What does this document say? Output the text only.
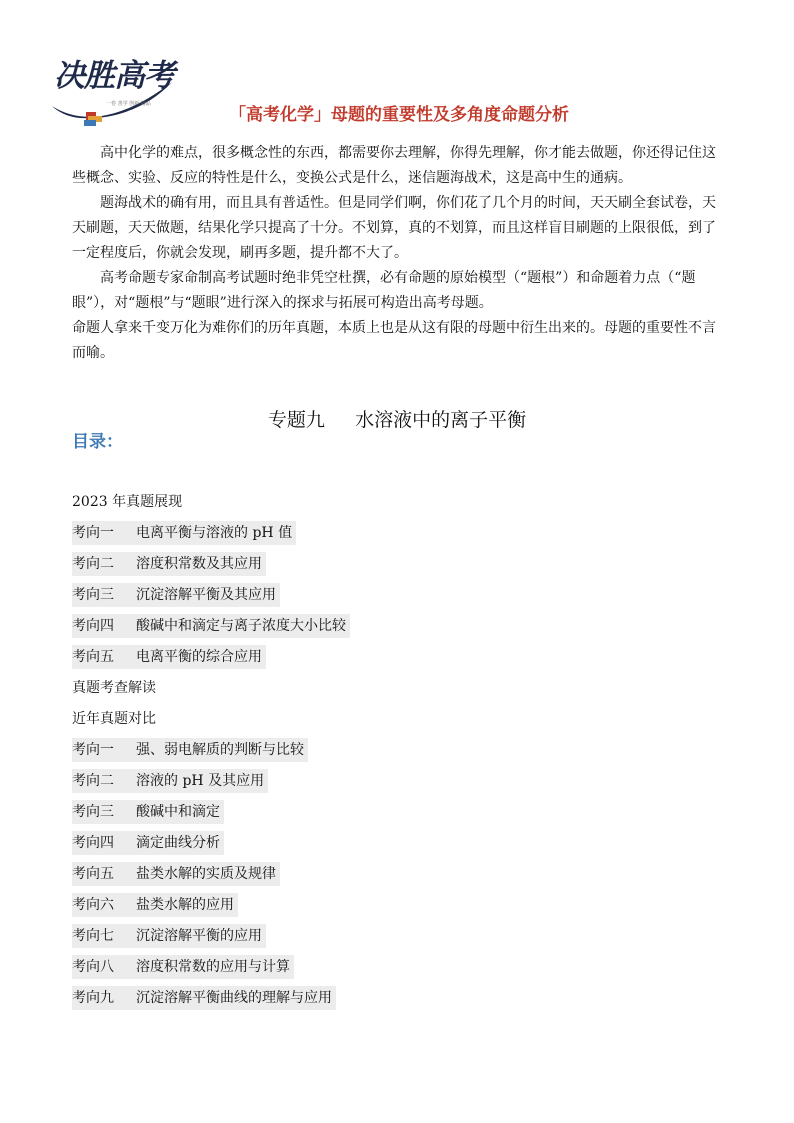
决胜高考
一卷 善学 创新 精品
「高考化学」母题的重要性及多角度命题分析

高中化学的难点，很多概念性的东西，都需要你去理解，你得先理解，你才能去做题，你还得记住这些概念、实验、反应的特性是什么，变换公式是什么，迷信题海战术，这是高中生的通病。

题海战术的确有用，而且具有普适性。但是同学们啊，你们花了几个月的时间，天天刷全套试卷，天天刷题，天天做题，结果化学只提高了十分。不划算，真的不划算，而且这样盲目刷题的上限很低，到了一定程度后，你就会发现，刷再多题，提升都不大了。

高考命题专家命制高考试题时绝非凭空杜撰，必有命题的原始模型（“题根”）和命题着力点（“题眼”），对“题根”与“题眼”进行深入的探求与拓展可构造出高考母题。

命题人拿来千变万化为难你们的历年真题，本质上也是从这有限的母题中衍生出来的。母题的重要性不言而喻。

专题九     水溶液中的离子平衡
目录：
2023 年真题展现
考向一 电离平衡与溶液的 pH 值
考向二 溶度积常数及其应用
考向三 沉淀溶解平衡及其应用
考向四 酸碱中和滴定与离子浓度大小比较
考向五 电离平衡的综合应用
真题考查解读
近年真题对比
考向一 强、弱电解质的判断与比较
考向二 溶液的 pH 及其应用
考向三 酸碱中和滴定
考向四 滴定曲线分析
考向五 盐类水解的实质及规律
考向六 盐类水解的应用
考向七 沉淀溶解平衡的应用
考向八 溶度积常数的应用与计算
考向九 沉淀溶解平衡曲线的理解与应用
